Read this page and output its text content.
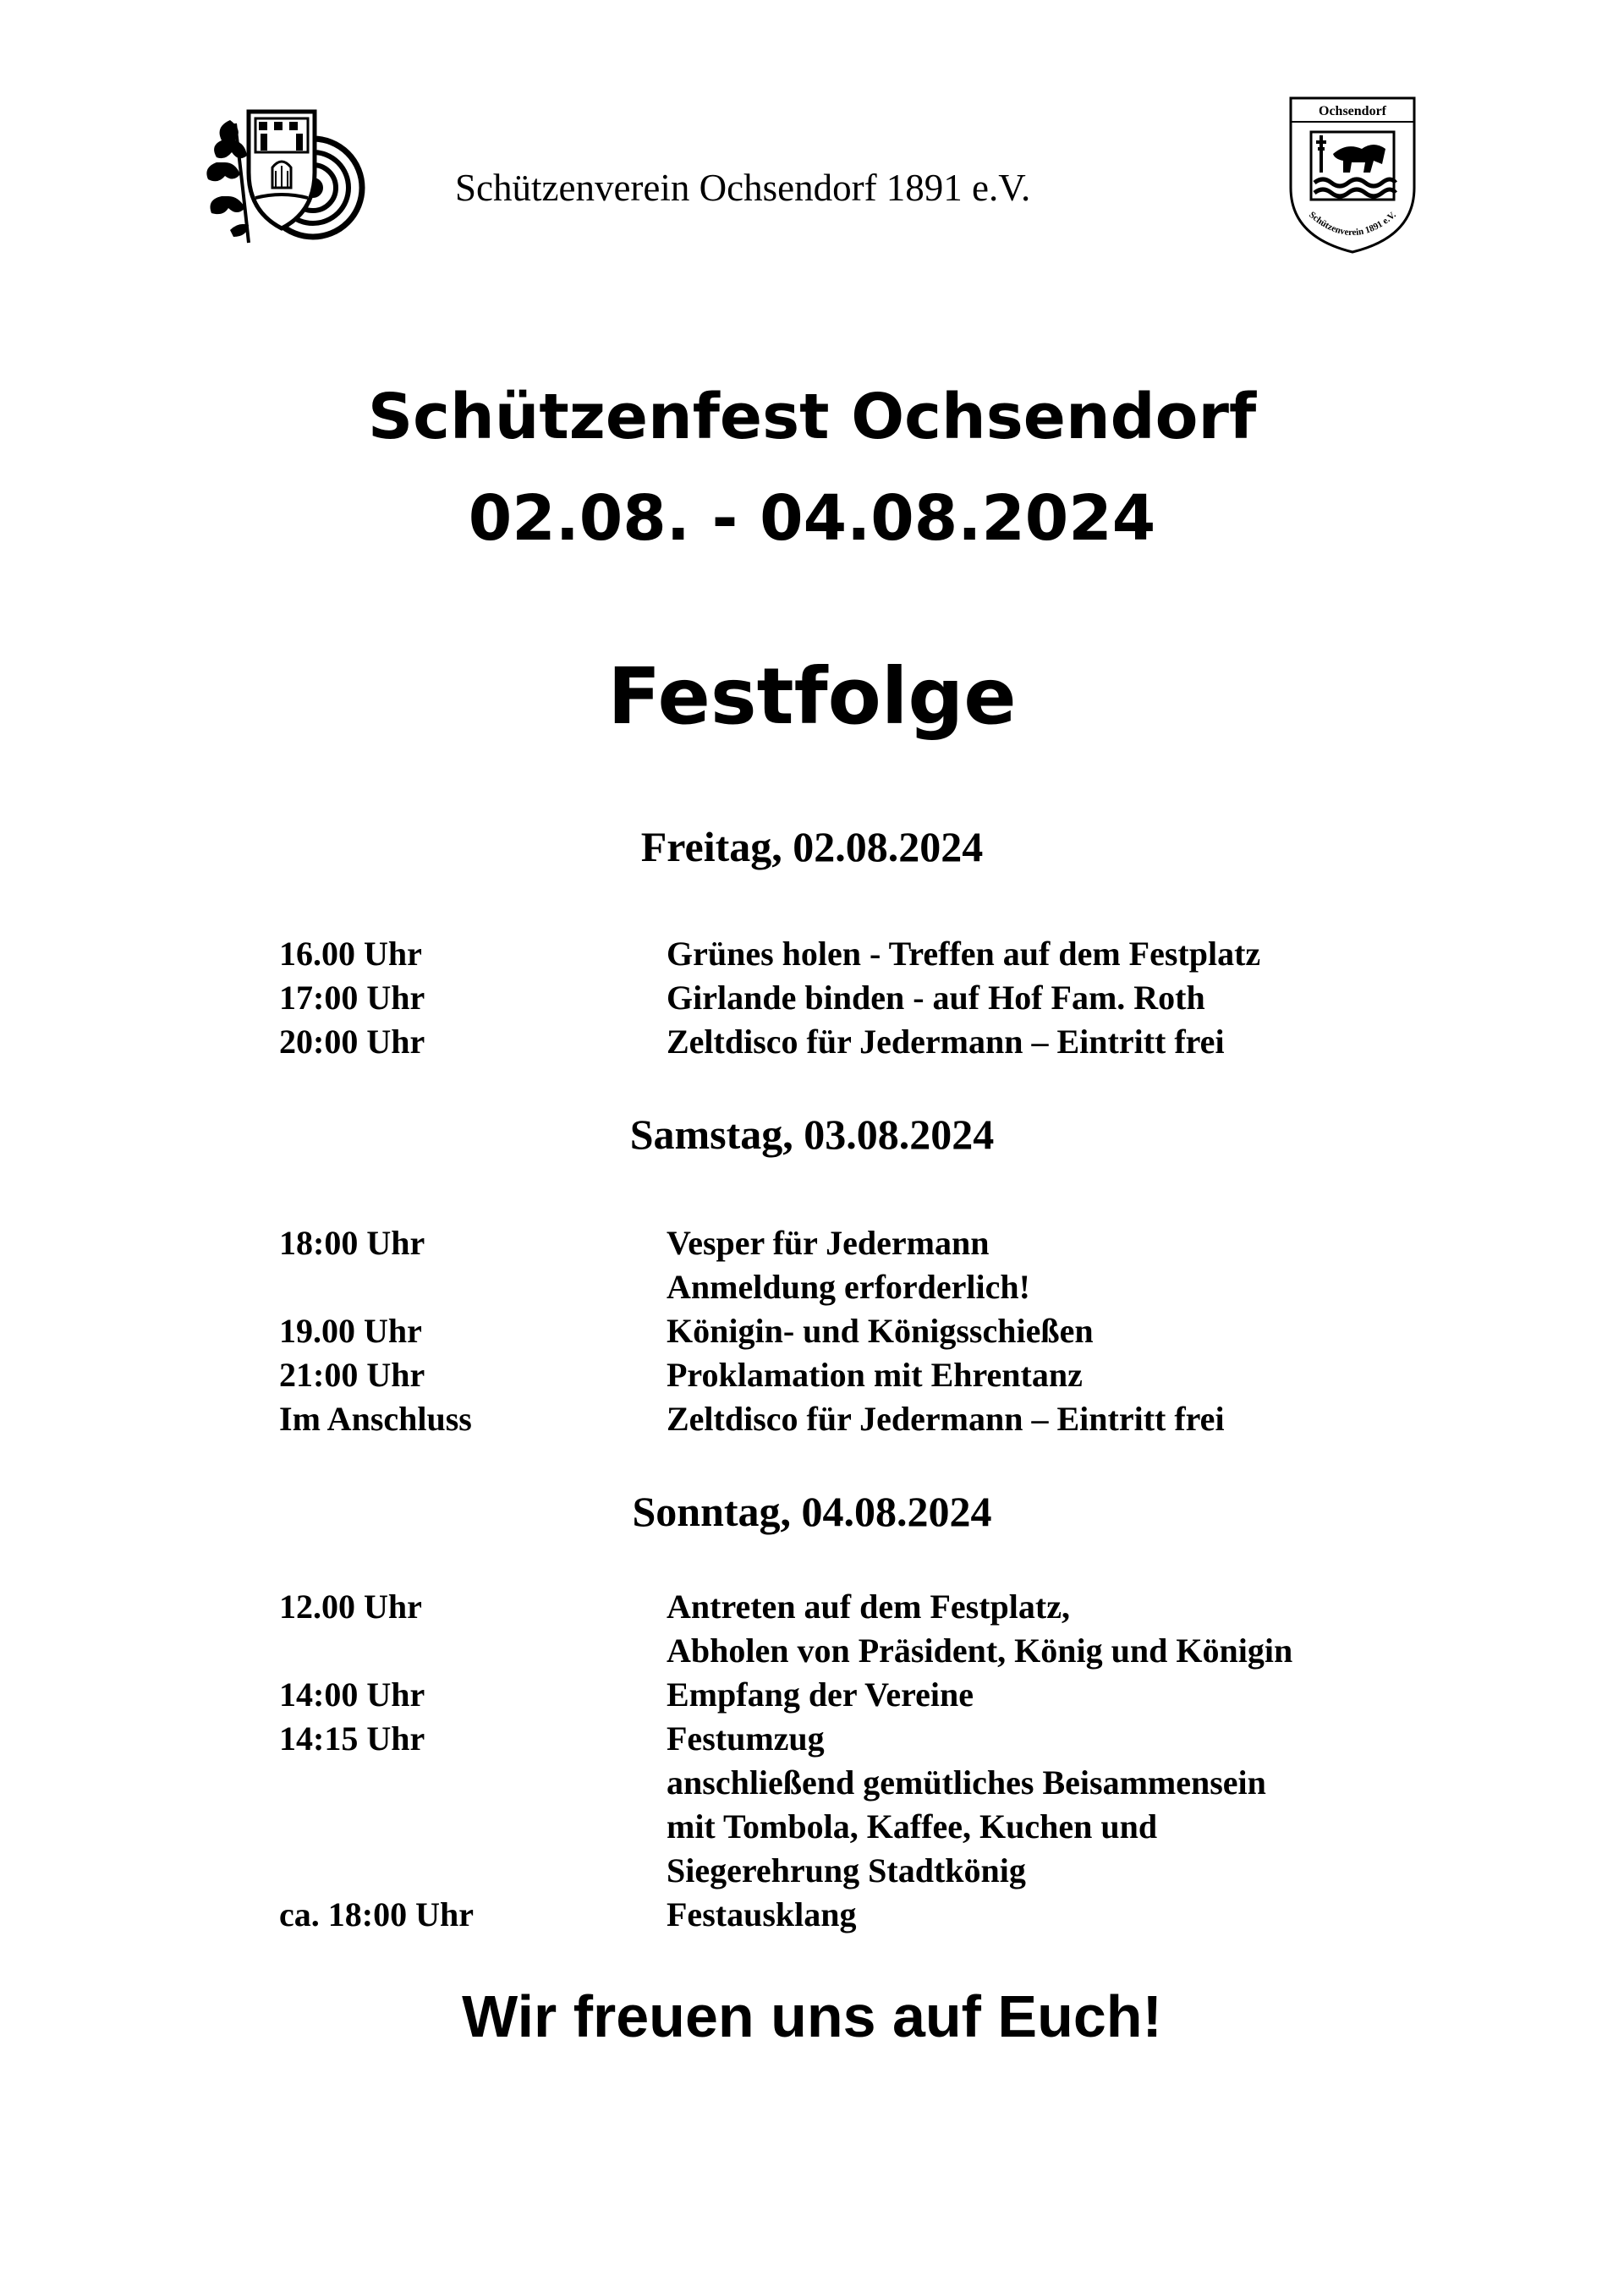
Schützenverein Ochsendorf 1891 e.V.
Ochsendorf
Schützenverein 1891 e.V.
Schützenfest Ochsendorf
02.08. - 04.08.2024
Festfolge
Freitag, 02.08.2024
16.00 Uhr	Grünes holen - Treffen auf dem Festplatz
17:00 Uhr	Girlande binden - auf Hof Fam. Roth
20:00 Uhr	Zeltdisco für Jedermann – Eintritt frei
Samstag, 03.08.2024
18:00 Uhr	Vesper für Jedermann
Anmeldung erforderlich!
19.00 Uhr	Königin- und Königsschießen
21:00 Uhr	Proklamation mit Ehrentanz
Im Anschluss	Zeltdisco für Jedermann – Eintritt frei
Sonntag, 04.08.2024
12.00 Uhr	Antreten auf dem Festplatz,
Abholen von Präsident, König und Königin
14:00 Uhr	Empfang der Vereine
14:15 Uhr	Festumzug
anschließend gemütliches Beisammensein
mit Tombola, Kaffee, Kuchen und
Siegerehrung Stadtkönig
ca. 18:00 Uhr	Festausklang
Wir freuen uns auf Euch!
